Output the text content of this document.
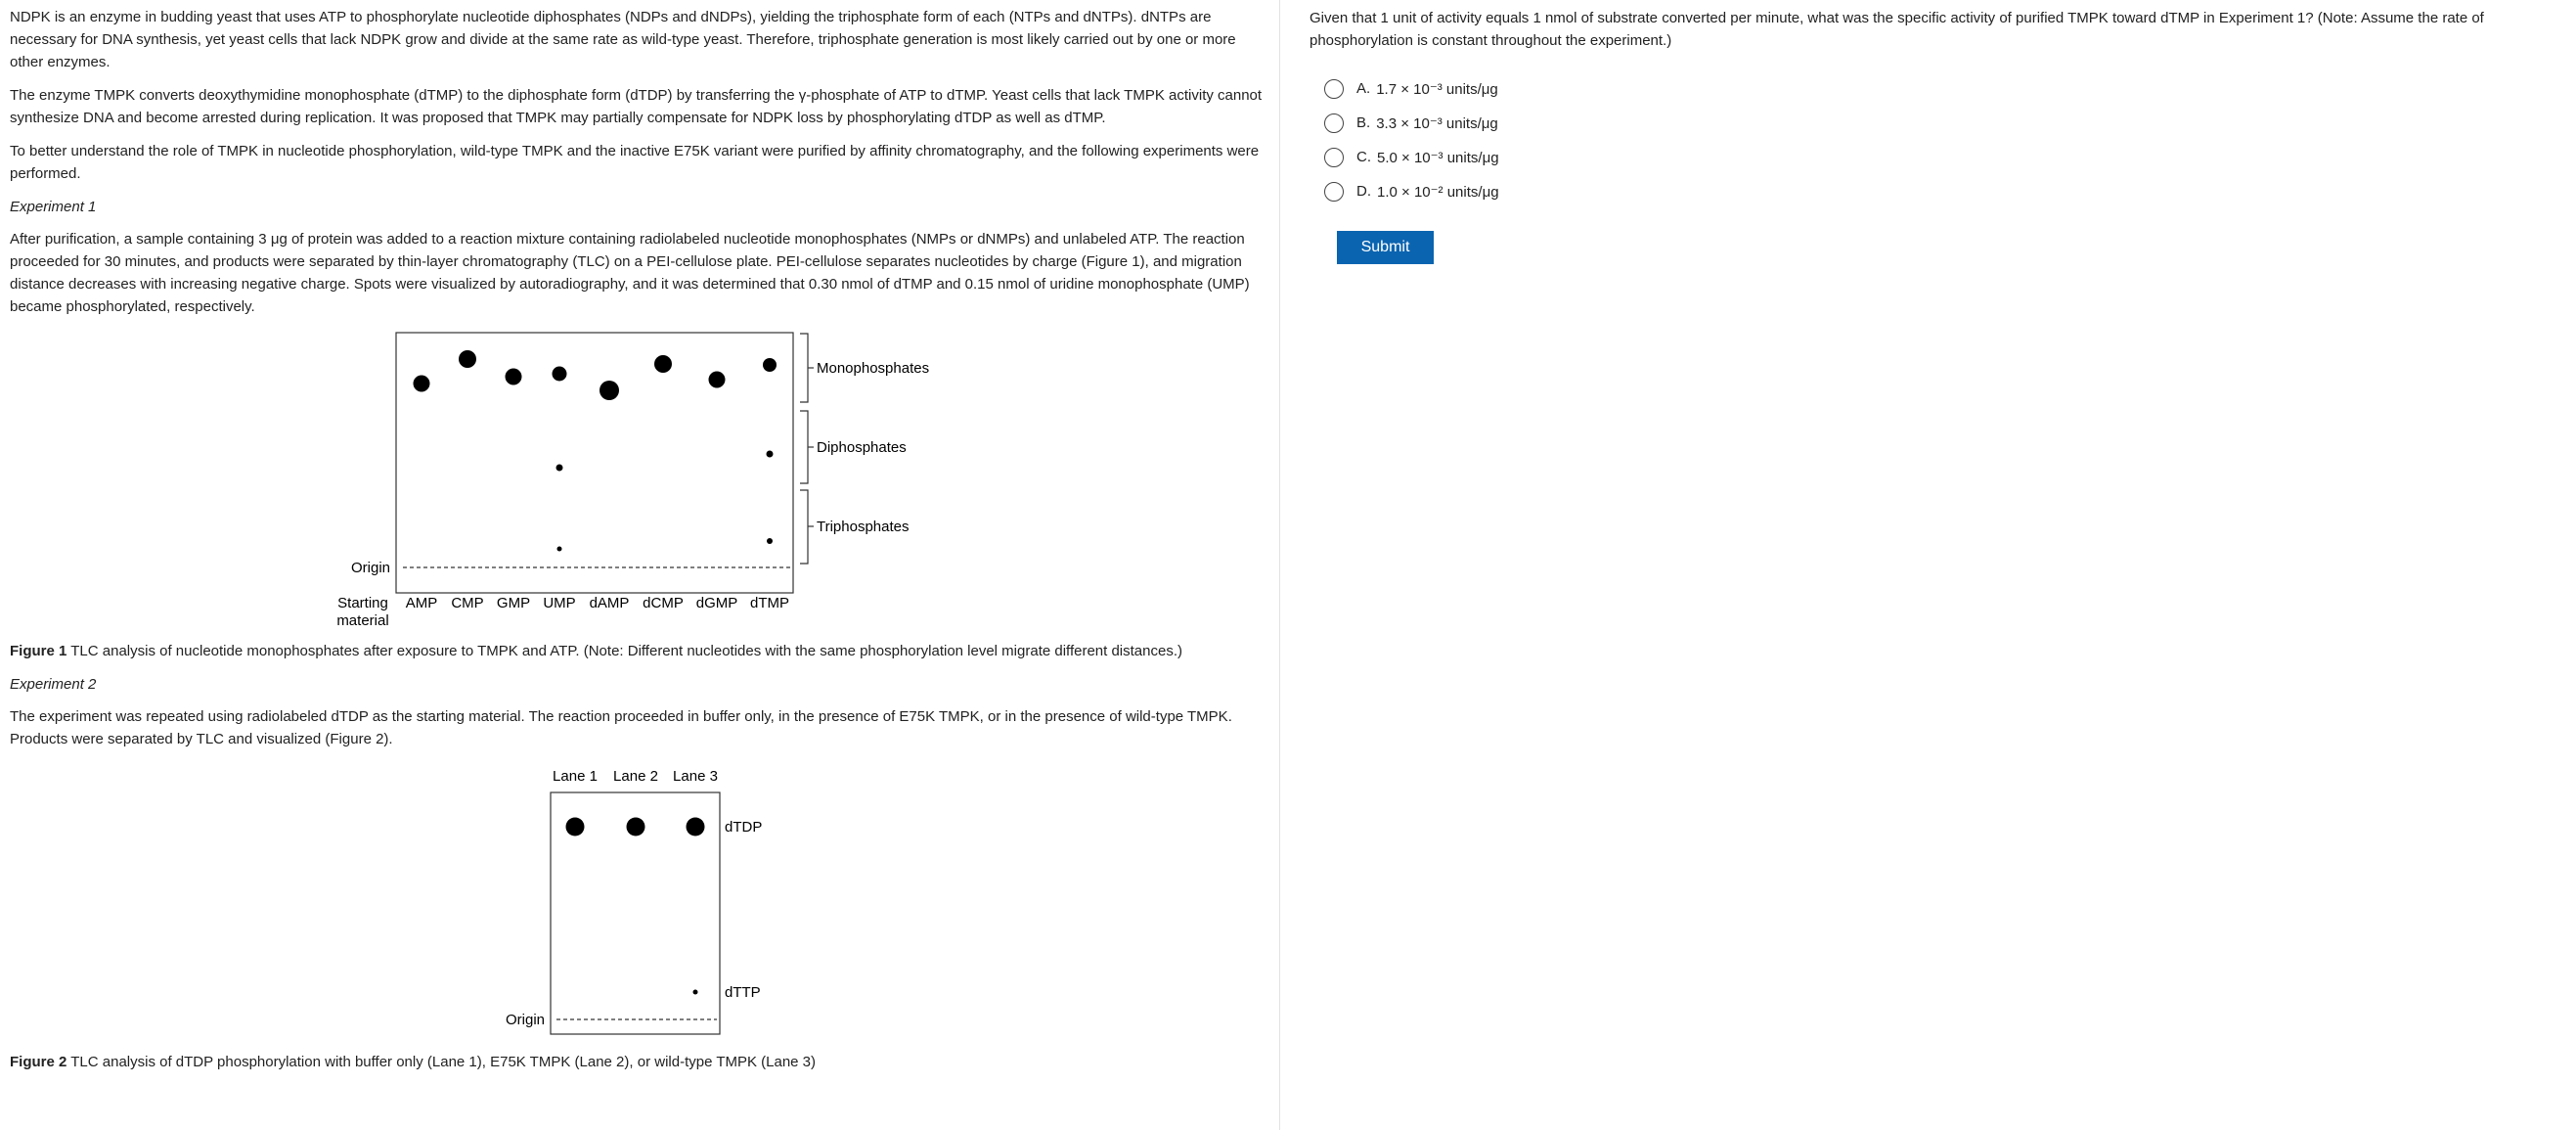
NDPK is an enzyme in budding yeast that uses ATP to phosphorylate nucleotide diphosphates (NDPs and dNDPs), yielding the triphosphate form of each (NTPs and dNTPs). dNTPs are necessary for DNA synthesis, yet yeast cells that lack NDPK grow and divide at the same rate as wild-type yeast. Therefore, triphosphate generation is most likely carried out by one or more other enzymes.

The enzyme TMPK converts deoxythymidine monophosphate (dTMP) to the diphosphate form (dTDP) by transferring the γ-phosphate of ATP to dTMP. Yeast cells that lack TMPK activity cannot synthesize DNA and become arrested during replication. It was proposed that TMPK may partially compensate for NDPK loss by phosphorylating dTDP as well as dTMP.

To better understand the role of TMPK in nucleotide phosphorylation, wild-type TMPK and the inactive E75K variant were purified by affinity chromatography, and the following experiments were performed.

Experiment 1

After purification, a sample containing 3 μg of protein was added to a reaction mixture containing radiolabeled nucleotide monophosphates (NMPs or dNMPs) and unlabeled ATP. The reaction proceeded for 30 minutes, and products were separated by thin-layer chromatography (TLC) on a PEI-cellulose plate. PEI-cellulose separates nucleotides by charge (Figure 1), and migration distance decreases with increasing negative charge. Spots were visualized by autoradiography, and it was determined that 0.30 nmol of dTMP and 0.15 nmol of uridine monophosphate (UMP) became phosphorylated, respectively.

Origin
Starting
material
AMP CMP GMP UMP dAMP dCMP dGMP dTMP
Monophosphates
Diphosphates
Triphosphates

Figure 1 TLC analysis of nucleotide monophosphates after exposure to TMPK and ATP. (Note: Different nucleotides with the same phosphorylation level migrate different distances.)

Experiment 2

The experiment was repeated using radiolabeled dTDP as the starting material. The reaction proceeded in buffer only, in the presence of E75K TMPK, or in the presence of wild-type TMPK. Products were separated by TLC and visualized (Figure 2).

Lane 1 Lane 2 Lane 3
Origin
dTDP
dTTP

Figure 2 TLC analysis of dTDP phosphorylation with buffer only (Lane 1), E75K TMPK (Lane 2), or wild-type TMPK (Lane 3)

Given that 1 unit of activity equals 1 nmol of substrate converted per minute, what was the specific activity of purified TMPK toward dTMP in Experiment 1? (Note: Assume the rate of phosphorylation is constant throughout the experiment.)
A. 1.7 × 10⁻³ units/μg
B. 3.3 × 10⁻³ units/μg
C. 5.0 × 10⁻³ units/μg
D. 1.0 × 10⁻² units/μg
Submit
